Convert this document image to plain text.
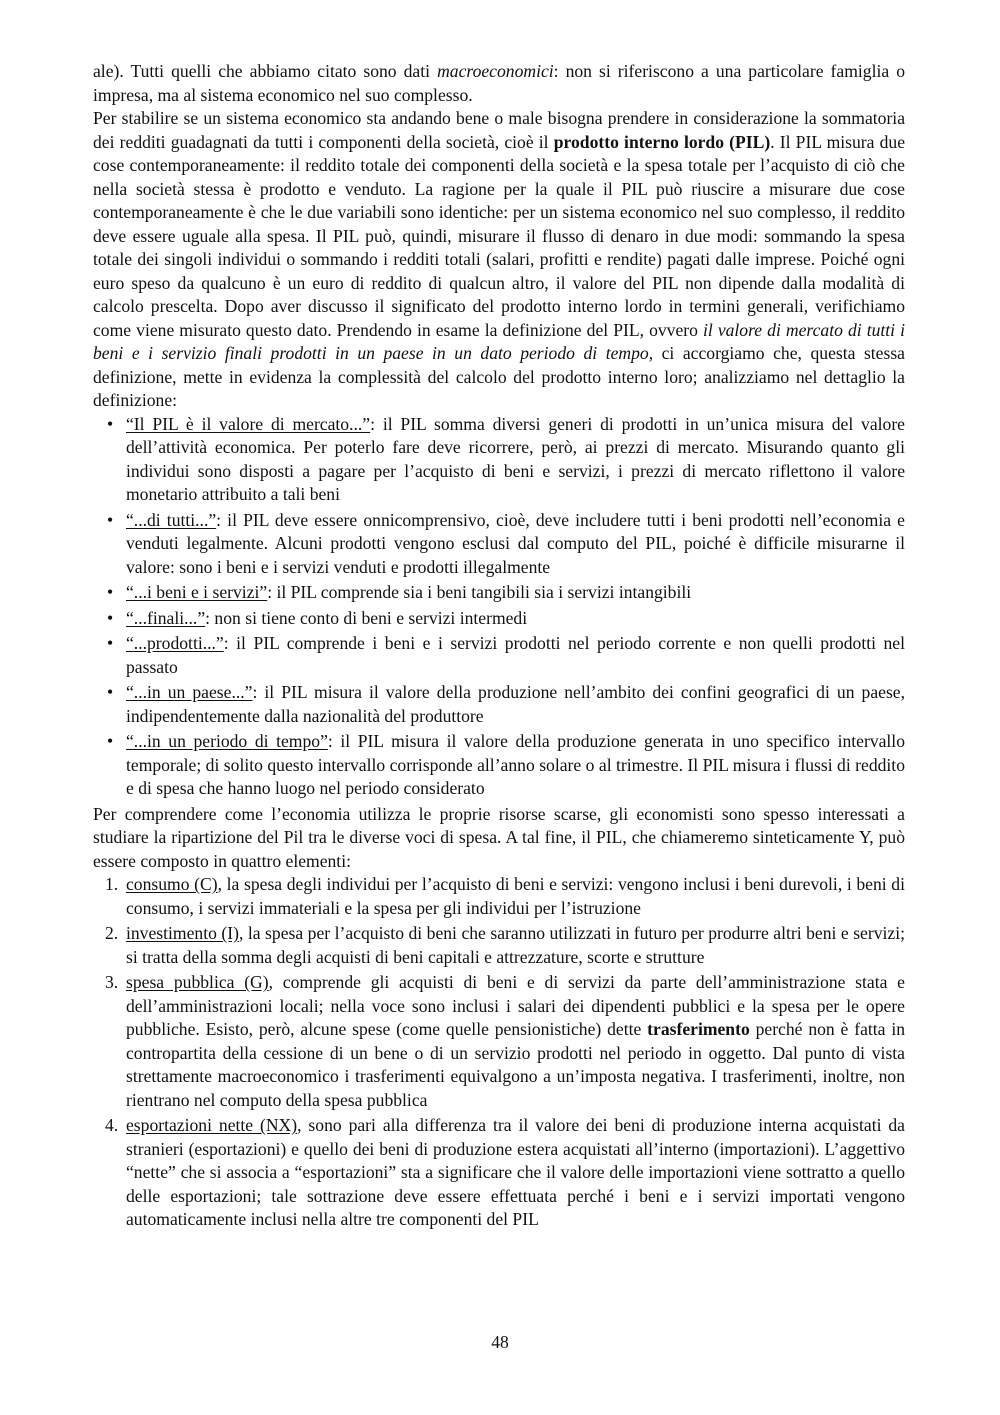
ale). Tutti quelli che abbiamo citato sono dati macroeconomici: non si riferiscono a una particolare famiglia o impresa, ma al sistema economico nel suo complesso.

Per stabilire se un sistema economico sta andando bene o male bisogna prendere in considerazione la sommatoria dei redditi guadagnati da tutti i componenti della società, cioè il prodotto interno lordo (PIL). Il PIL misura due cose contemporaneamente: il reddito totale dei componenti della società e la spesa totale per l’acquisto di ciò che nella società stessa è prodotto e venduto. La ragione per la quale il PIL può riuscire a misurare due cose contemporaneamente è che le due variabili sono identiche: per un sistema economico nel suo complesso, il reddito deve essere uguale alla spesa. Il PIL può, quindi, misurare il flusso di denaro in due modi: sommando la spesa totale dei singoli individui o sommando i redditi totali (salari, profitti e rendite) pagati dalle imprese. Poiché ogni euro speso da qualcuno è un euro di reddito di qualcun altro, il valore del PIL non dipende dalla modalità di calcolo prescelta. Dopo aver discusso il significato del prodotto interno lordo in termini generali, verifichiamo come viene misurato questo dato. Prendendo in esame la definizione del PIL, ovvero il valore di mercato di tutti i beni e i servizio finali prodotti in un paese in un dato periodo di tempo, ci accorgiamo che, questa stessa definizione, mette in evidenza la complessità del calcolo del prodotto interno loro; analizziamo nel dettaglio la definizione:

• “Il PIL è il valore di mercato...”: il PIL somma diversi generi di prodotti in un’unica misura del valore dell’attività economica. Per poterlo fare deve ricorrere, però, ai prezzi di mercato. Misurando quanto gli individui sono disposti a pagare per l’acquisto di beni e servizi, i prezzi di mercato riflettono il valore monetario attribuito a tali beni
• “...di tutti...”: il PIL deve essere onnicomprensivo, cioè, deve includere tutti i beni prodotti nell’economia e venduti legalmente. Alcuni prodotti vengono esclusi dal computo del PIL, poiché è difficile misurarne il valore: sono i beni e i servizi venduti e prodotti illegalmente
• “...i beni e i servizi”: il PIL comprende sia i beni tangibili sia i servizi intangibili
• “...finali...”: non si tiene conto di beni e servizi intermedi
• “...prodotti...”: il PIL comprende i beni e i servizi prodotti nel periodo corrente e non quelli prodotti nel passato
• “...in un paese...”: il PIL misura il valore della produzione nell’ambito dei confini geografici di un paese, indipendentemente dalla nazionalità del produttore
• “...in un periodo di tempo”: il PIL misura il valore della produzione generata in uno specifico intervallo temporale; di solito questo intervallo corrisponde all’anno solare o al trimestre. Il PIL misura i flussi di reddito e di spesa che hanno luogo nel periodo considerato

Per comprendere come l’economia utilizza le proprie risorse scarse, gli economisti sono spesso interessati a studiare la ripartizione del Pil tra le diverse voci di spesa. A tal fine, il PIL, che chiameremo sinteticamente Y, può essere composto in quattro elementi:

1. consumo (C), la spesa degli individui per l’acquisto di beni e servizi: vengono inclusi i beni durevoli, i beni di consumo, i servizi immateriali e la spesa per gli individui per l’istruzione
2. investimento (I), la spesa per l’acquisto di beni che saranno utilizzati in futuro per produrre altri beni e servizi; si tratta della somma degli acquisti di beni capitali e attrezzature, scorte e strutture
3. spesa pubblica (G), comprende gli acquisti di beni e di servizi da parte dell’amministrazione stata e dell’amministrazioni locali; nella voce sono inclusi i salari dei dipendenti pubblici e la spesa per le opere pubbliche. Esisto, però, alcune spese (come quelle pensionistiche) dette trasferimento perché non è fatta in contropartita della cessione di un bene o di un servizio prodotti nel periodo in oggetto. Dal punto di vista strettamente macroeconomico i trasferimenti equivalgono a un’imposta negativa. I trasferimenti, inoltre, non rientrano nel computo della spesa pubblica
4. esportazioni nette (NX), sono pari alla differenza tra il valore dei beni di produzione interna acquistati da stranieri (esportazioni) e quello dei beni di produzione estera acquistati all’interno (importazioni). L’aggettivo “nette” che si associa a “esportazioni” sta a significare che il valore delle importazioni viene sottratto a quello delle esportazioni; tale sottrazione deve essere effettuata perché i beni e i servizi importati vengono automaticamente inclusi nella altre tre componenti del PIL
48
